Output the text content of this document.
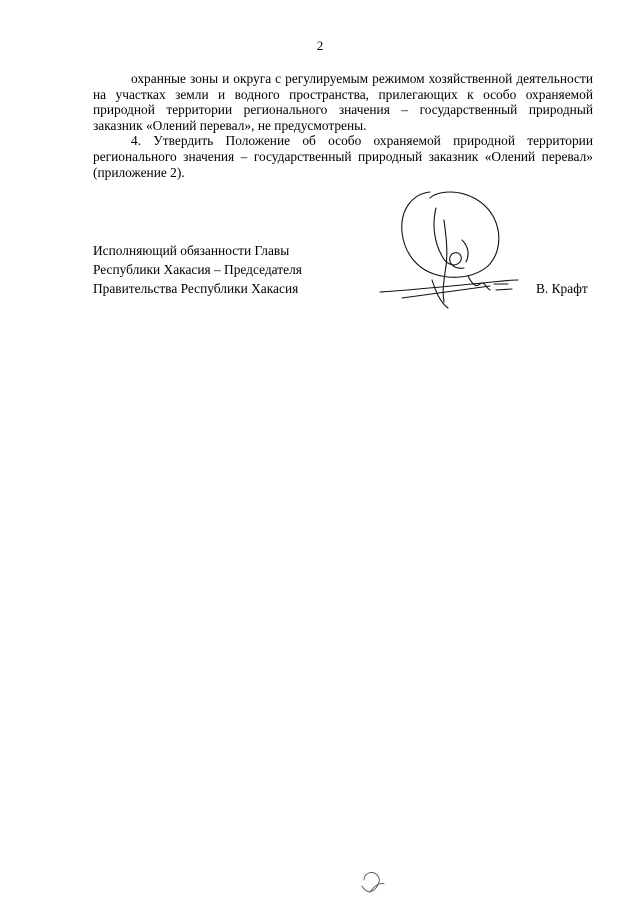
2

охранные зоны и округа с регулируемым режимом хозяйственной деятельности на участках земли и водного пространства, прилегающих к особо охраняемой природной территории регионального значения – государственный природный заказник «Олений перевал», не предусмотрены.

4. Утвердить Положение об особо охраняемой природной территории регионального значения – государственный природный заказник «Олений перевал» (приложение 2).

Исполняющий обязанности Главы
Республики Хакасия – Председателя
Правительства Республики Хакасия	В. Крафт
